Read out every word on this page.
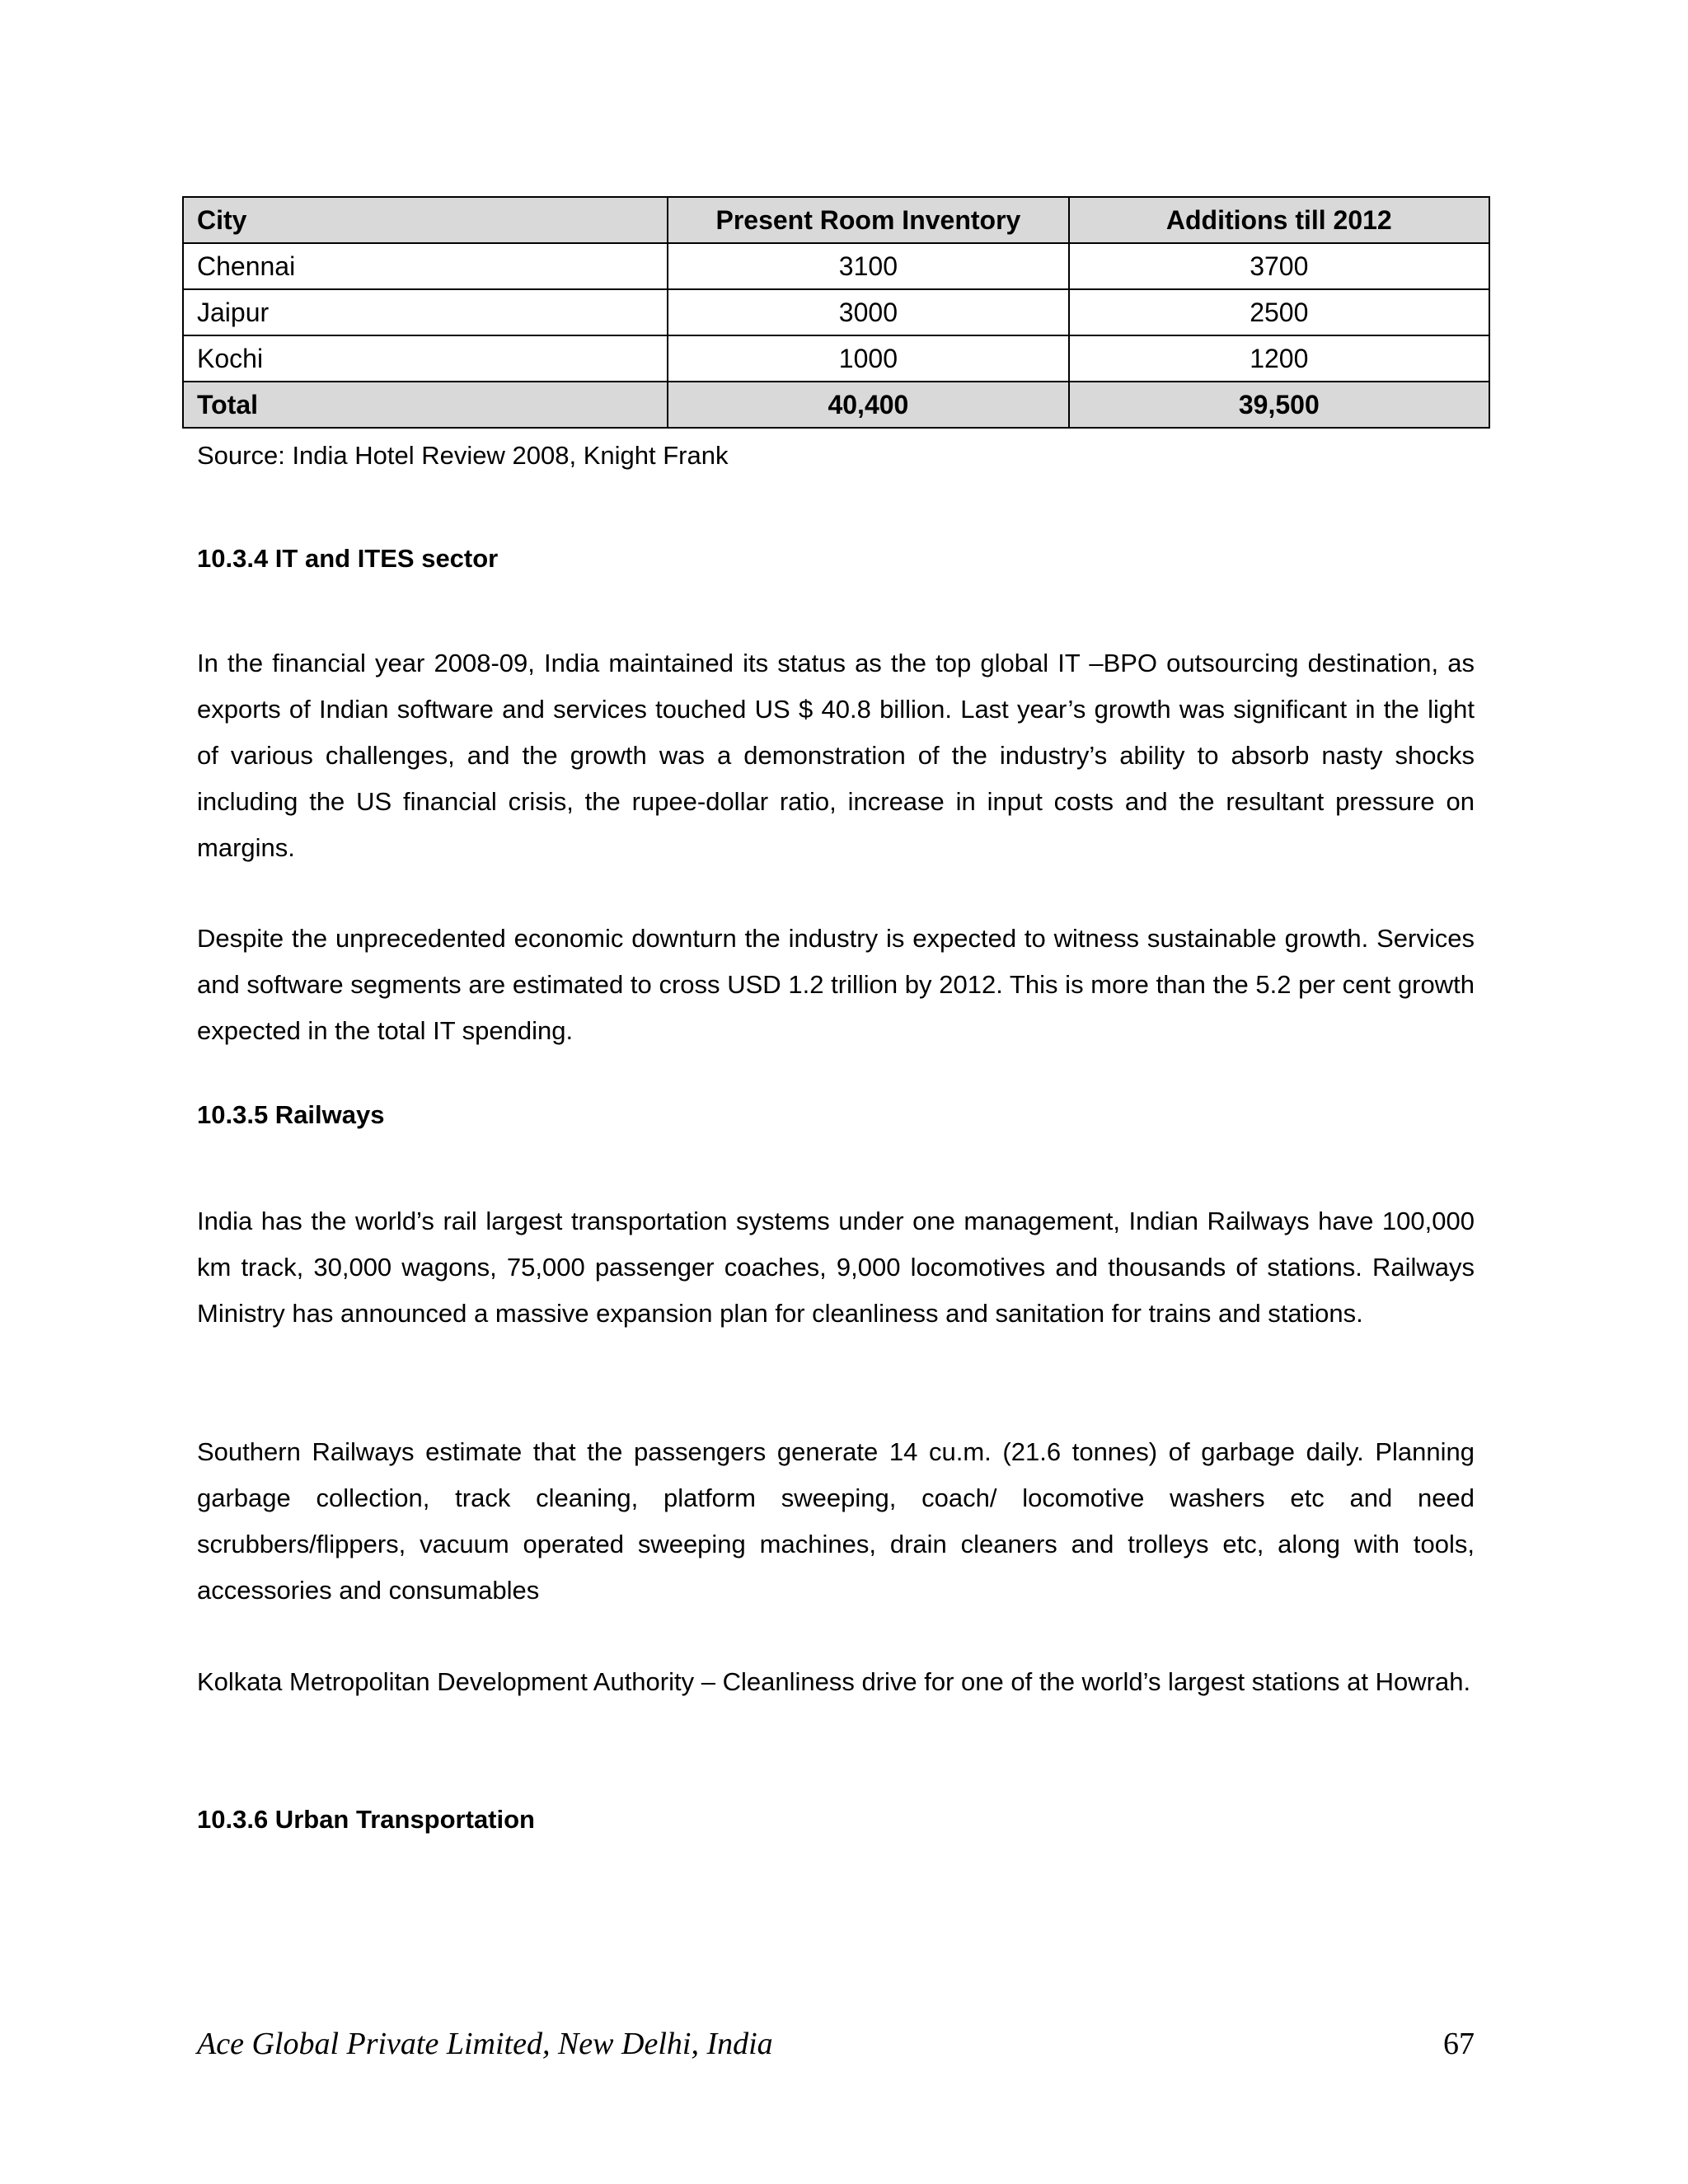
City	Present Room Inventory	Additions till 2012
Chennai	3100	3700
Jaipur	3000	2500
Kochi	1000	1200
Total	40,400	39,500
Source: India Hotel Review 2008, Knight Frank
10.3.4 IT and ITES sector

In the financial year 2008-09, India maintained its status as the top global IT –BPO outsourcing destination, as exports of Indian software and services touched US $ 40.8 billion. Last year’s growth was significant in the light of various challenges, and the growth was a demonstration of the industry’s ability to absorb nasty shocks including the US financial crisis, the rupee-dollar ratio, increase in input costs and the resultant pressure on margins.

Despite the unprecedented economic downturn the industry is expected to witness sustainable growth. Services and software segments are estimated to cross USD 1.2 trillion by 2012. This is more than the 5.2 per cent growth expected in the total IT spending.

10.3.5 Railways

India has the world’s rail largest transportation systems under one management, Indian Railways have 100,000 km track, 30,000 wagons, 75,000 passenger coaches, 9,000 locomotives and thousands of stations. Railways Ministry has announced a massive expansion plan for cleanliness and sanitation for trains and stations.

Southern Railways estimate that the passengers generate 14 cu.m. (21.6 tonnes) of garbage daily. Planning garbage collection, track cleaning, platform sweeping, coach/ locomotive washers etc and need scrubbers/flippers, vacuum operated sweeping machines, drain cleaners and trolleys etc, along with tools, accessories and consumables

Kolkata Metropolitan Development Authority – Cleanliness drive for one of the world’s largest stations at Howrah.

10.3.6 Urban Transportation
Ace Global Private Limited, New Delhi, India	67
